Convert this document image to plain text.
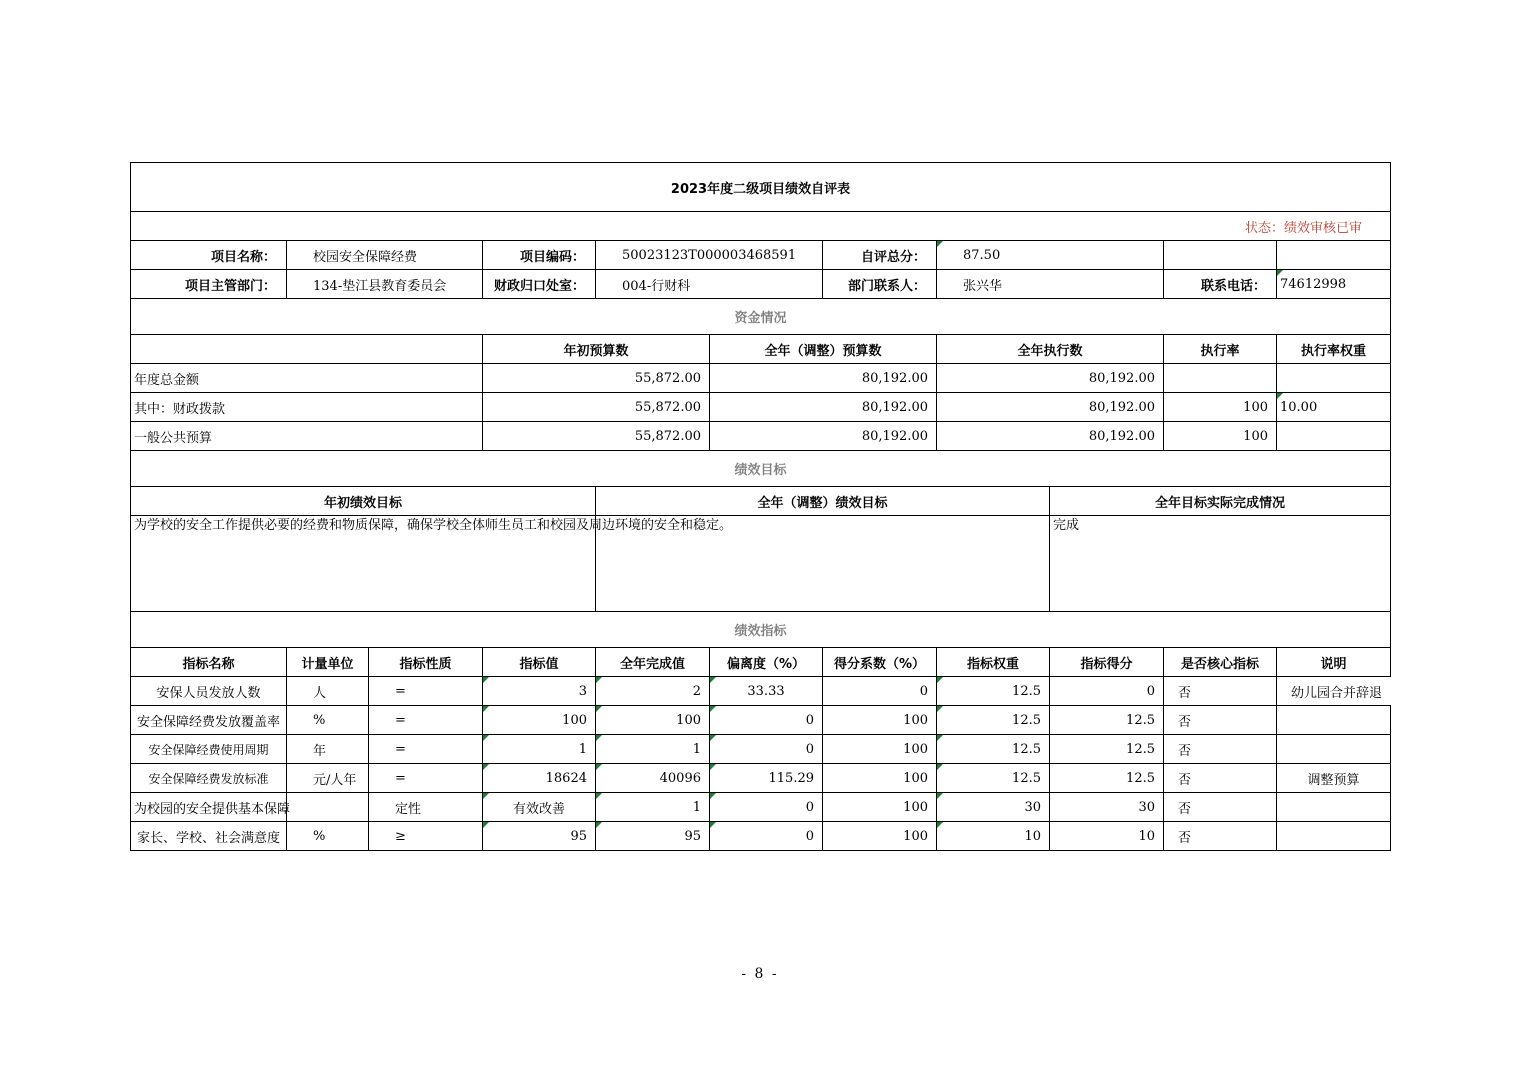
2023年度二级项目绩效自评表											
状态：绩效审核已审											
项目名称：	校园安全保障经费		项目编码：	50023123T000003468591		自评总分：	87.50				
项目主管部门：	134-垫江县教育委员会		财政归口处室：	004-行财科		部门联系人：	张兴华		联系电话：	74612998	
资金情况											
			年初预算数		全年（调整）预算数		全年执行数		执行率	执行率权重	
年度总金额			55,872.00		80,192.00		80,192.00				
其中：财政拨款			55,872.00		80,192.00		80,192.00		100	10.00	
一般公共预算			55,872.00		80,192.00		80,192.00		100		
绩效目标											
年初绩效目标				全年（调整）绩效目标				全年目标实际完成情况			
为学校的安全工作提供必要的经费和物质保障，确保学校全体师生员工和校园及周边环境的安全和稳定。								完成			
绩效指标											
指标名称	计量单位	指标性质	指标值	全年完成值	偏离度（%）	得分系数（%）	指标权重	指标得分	是否核心指标	说明	
安保人员发放人数	人	=	3	2	33.33	0	12.5	0	否	幼儿园合并辞退	
安全保障经费发放覆盖率	%	=	100	100	0	100	12.5	12.5	否		
安全保障经费使用周期	年	=	1	1	0	100	12.5	12.5	否		
安全保障经费发放标准	元/人年	=	18624	40096	115.29	100	12.5	12.5	否	调整预算	
为校园的安全提供基本保障		定性	有效改善	1	0	100	30	30	否		
家长、学校、社会满意度	%	≥	95	95	0	100	10	10	否		
- 8 -
